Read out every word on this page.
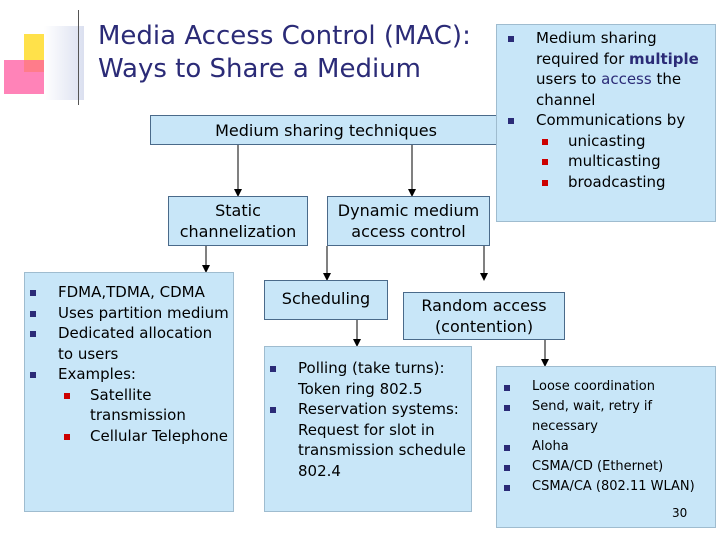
Media Access Control (MAC):
Ways to Share a Medium
Medium sharing techniques
Static
channelization
Dynamic medium
access control
Scheduling	Random access
(contention)
Medium sharing required for multiple users to access the channel
Communications by
unicasting
multicasting
broadcasting
FDMA,TDMA, CDMA
Uses partition medium
Dedicated allocation to users
Examples:
Satellite transmission
Cellular Telephone
Polling (take turns): Token ring 802.5
Reservation systems: Request for slot in transmission schedule 802.4
Loose coordination
Send, wait, retry if necessary
Aloha
CSMA/CD (Ethernet)
CSMA/CA (802.11 WLAN)
30
